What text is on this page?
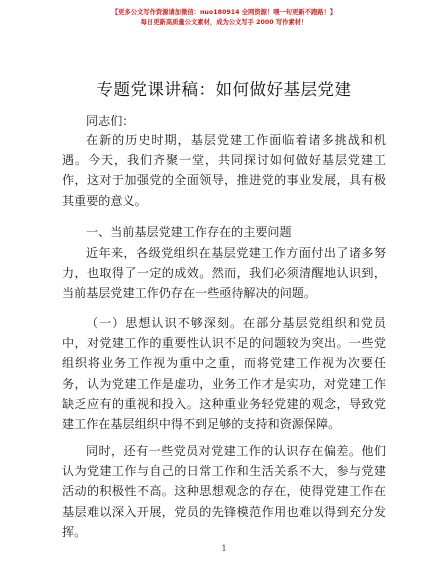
【更多公文写作资源请加微信：nuo180914 全网资源！喂一句更新不跑路！】
每日更新高质量公文素材，成为公文写手 2000 写作素材！
专题党课讲稿：如何做好基层党建
同志们：
在新的历史时期，基层党建工作面临着诸多挑战和机遇。今天，我们齐聚一堂，共同探讨如何做好基层党建工作，这对于加强党的全面领导，推进党的事业发展，具有极其重要的意义。
一、当前基层党建工作存在的主要问题
近年来，各级党组织在基层党建工作方面付出了诸多努力，也取得了一定的成效。然而，我们必须清醒地认识到，当前基层党建工作仍存在一些亟待解决的问题。
（一）思想认识不够深刻。在部分基层党组织和党员中，对党建工作的重要性认识不足的问题较为突出。一些党组织将业务工作视为重中之重，而将党建工作视为次要任务，认为党建工作是虚功，业务工作才是实功，对党建工作缺乏应有的重视和投入。这种重业务轻党建的观念，导致党建工作在基层组织中得不到足够的支持和资源保障。
同时，还有一些党员对党建工作的认识存在偏差。他们认为党建工作与自己的日常工作和生活关系不大，参与党建活动的积极性不高。这种思想观念的存在，使得党建工作在基层难以深入开展，党员的先锋模范作用也难以得到充分发挥。
1
